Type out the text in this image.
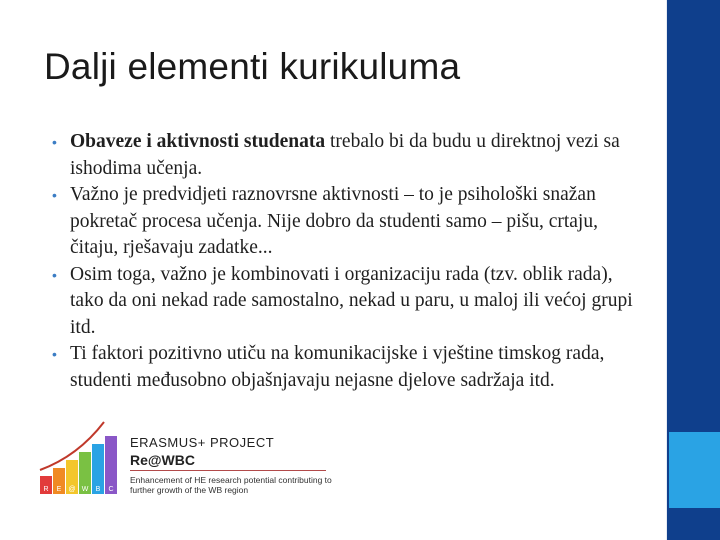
Dalji elementi kurikuluma
• Obaveze i aktivnosti studenata trebalo bi da budu u direktnoj vezi sa ishodima učenja.
• Važno je predvidjeti raznovrsne aktivnosti – to je psihološki snažan pokretač procesa učenja. Nije dobro da studenti samo – pišu, crtaju, čitaju, rješavaju zadatke...
• Osim toga, važno je kombinovati i organizaciju rada (tzv. oblik rada), tako da oni nekad rade samostalno, nekad u paru, u maloj ili većoj grupi itd.
• Ti faktori pozitivno utiču na komunikacijske i vještine timskog rada, studenti međusobno objašnjavaju nejasne djelove sadržaja itd.
R E @ W B C
ERASMUS+ PROJECT
Re@WBC
Enhancement of HE research potential contributing to further growth of the WB region
